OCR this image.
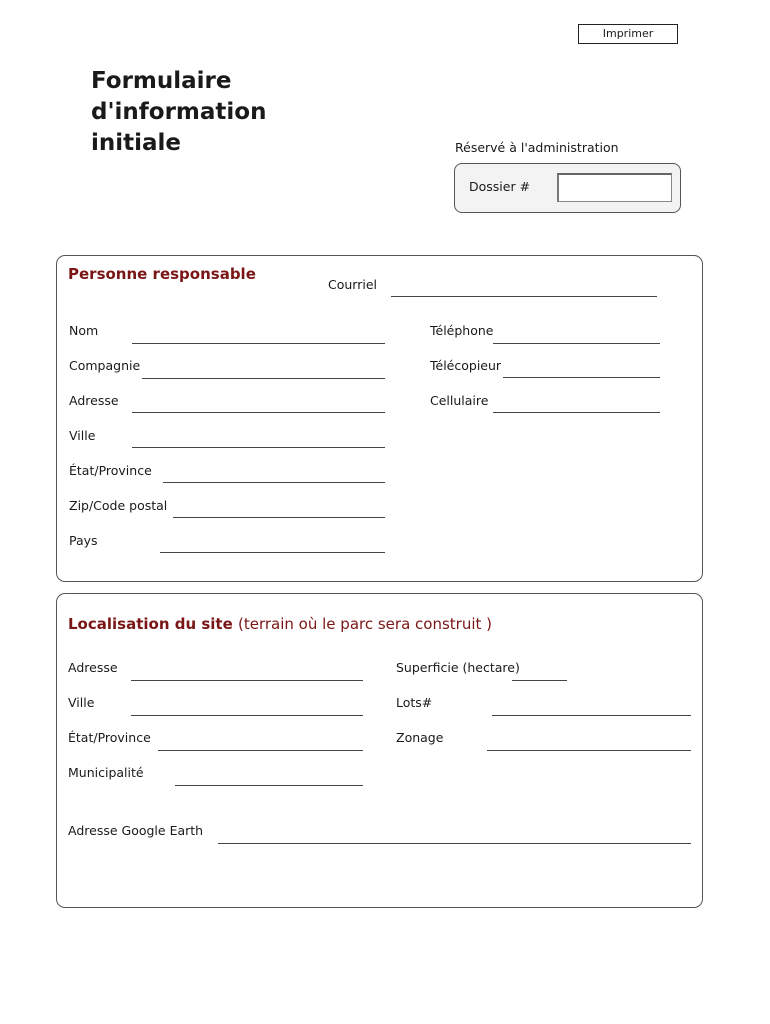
Imprimer
Formulaire d'information initiale	Réservé à l'administration
Dossier #
Personne responsable
Courriel
Nom
Compagnie
Adresse
Ville
État/Province
Zip/Code postal
Pays
Téléphone
Télécopieur
Cellulaire
Localisation du site (terrain où le parc sera construit )
Adresse
Ville
État/Province
Municipalité
Adresse Google Earth
Superficie (hectare)
Lots#
Zonage
